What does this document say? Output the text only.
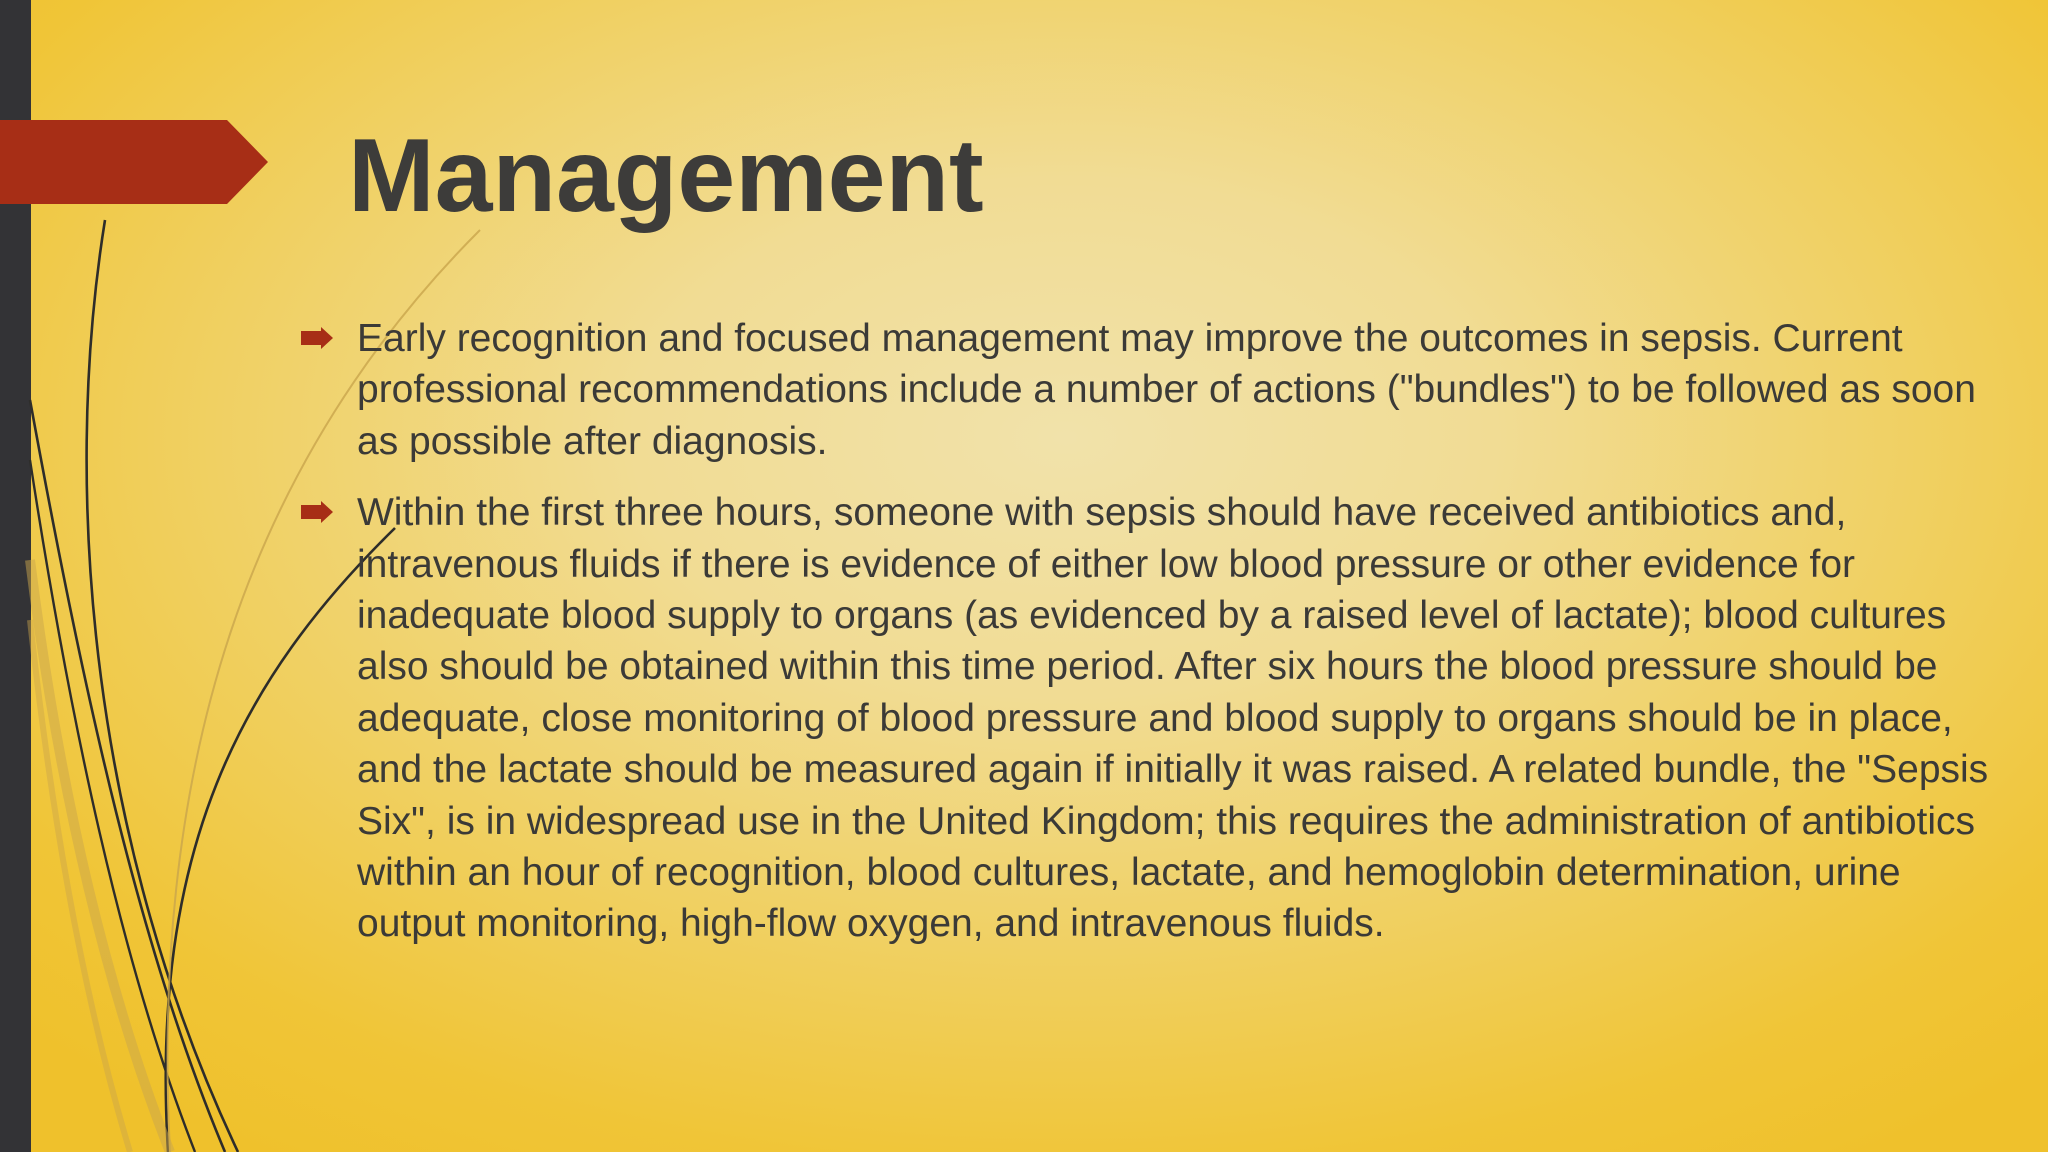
Management
Early recognition and focused management may improve the outcomes in sepsis. Current professional recommendations include a number of actions ("bundles") to be followed as soon as possible after diagnosis.
Within the first three hours, someone with sepsis should have received antibiotics and, intravenous fluids if there is evidence of either low blood pressure or other evidence for inadequate blood supply to organs (as evidenced by a raised level of lactate); blood cultures also should be obtained within this time period. After six hours the blood pressure should be adequate, close monitoring of blood pressure and blood supply to organs should be in place, and the lactate should be measured again if initially it was raised. A related bundle, the "Sepsis Six", is in widespread use in the United Kingdom; this requires the administration of antibiotics within an hour of recognition, blood cultures, lactate, and hemoglobin determination, urine output monitoring, high-flow oxygen, and intravenous fluids.
